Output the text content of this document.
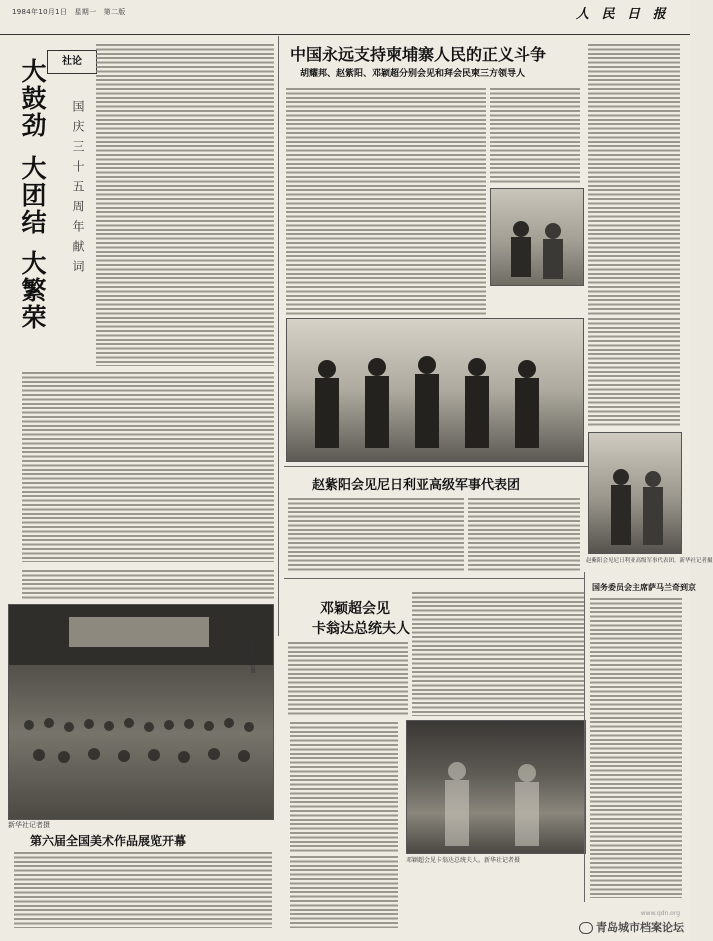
1984年10月1日　星期一　第二版	人 民 日 报
社论
大鼓劲
大团结
大繁荣
国庆三十五周年献词
新华社记者摄
第六届全国美术作品展览开幕
中国永远支持柬埔寨人民的正义斗争
胡耀邦、赵紫阳、邓颖超分别会见和拜会民柬三方领导人
赵紫阳会见尼日利亚高级军事代表团
赵紫阳会见尼日利亚高级军事代表团。新华社记者摄
邓颖超会见
卡翁达总统夫人
邓颖超会见卡翁达总统夫人。新华社记者摄
国务委员会主席萨马兰奇到京
新华社记者摄
www.qdn.org
青岛城市档案论坛
